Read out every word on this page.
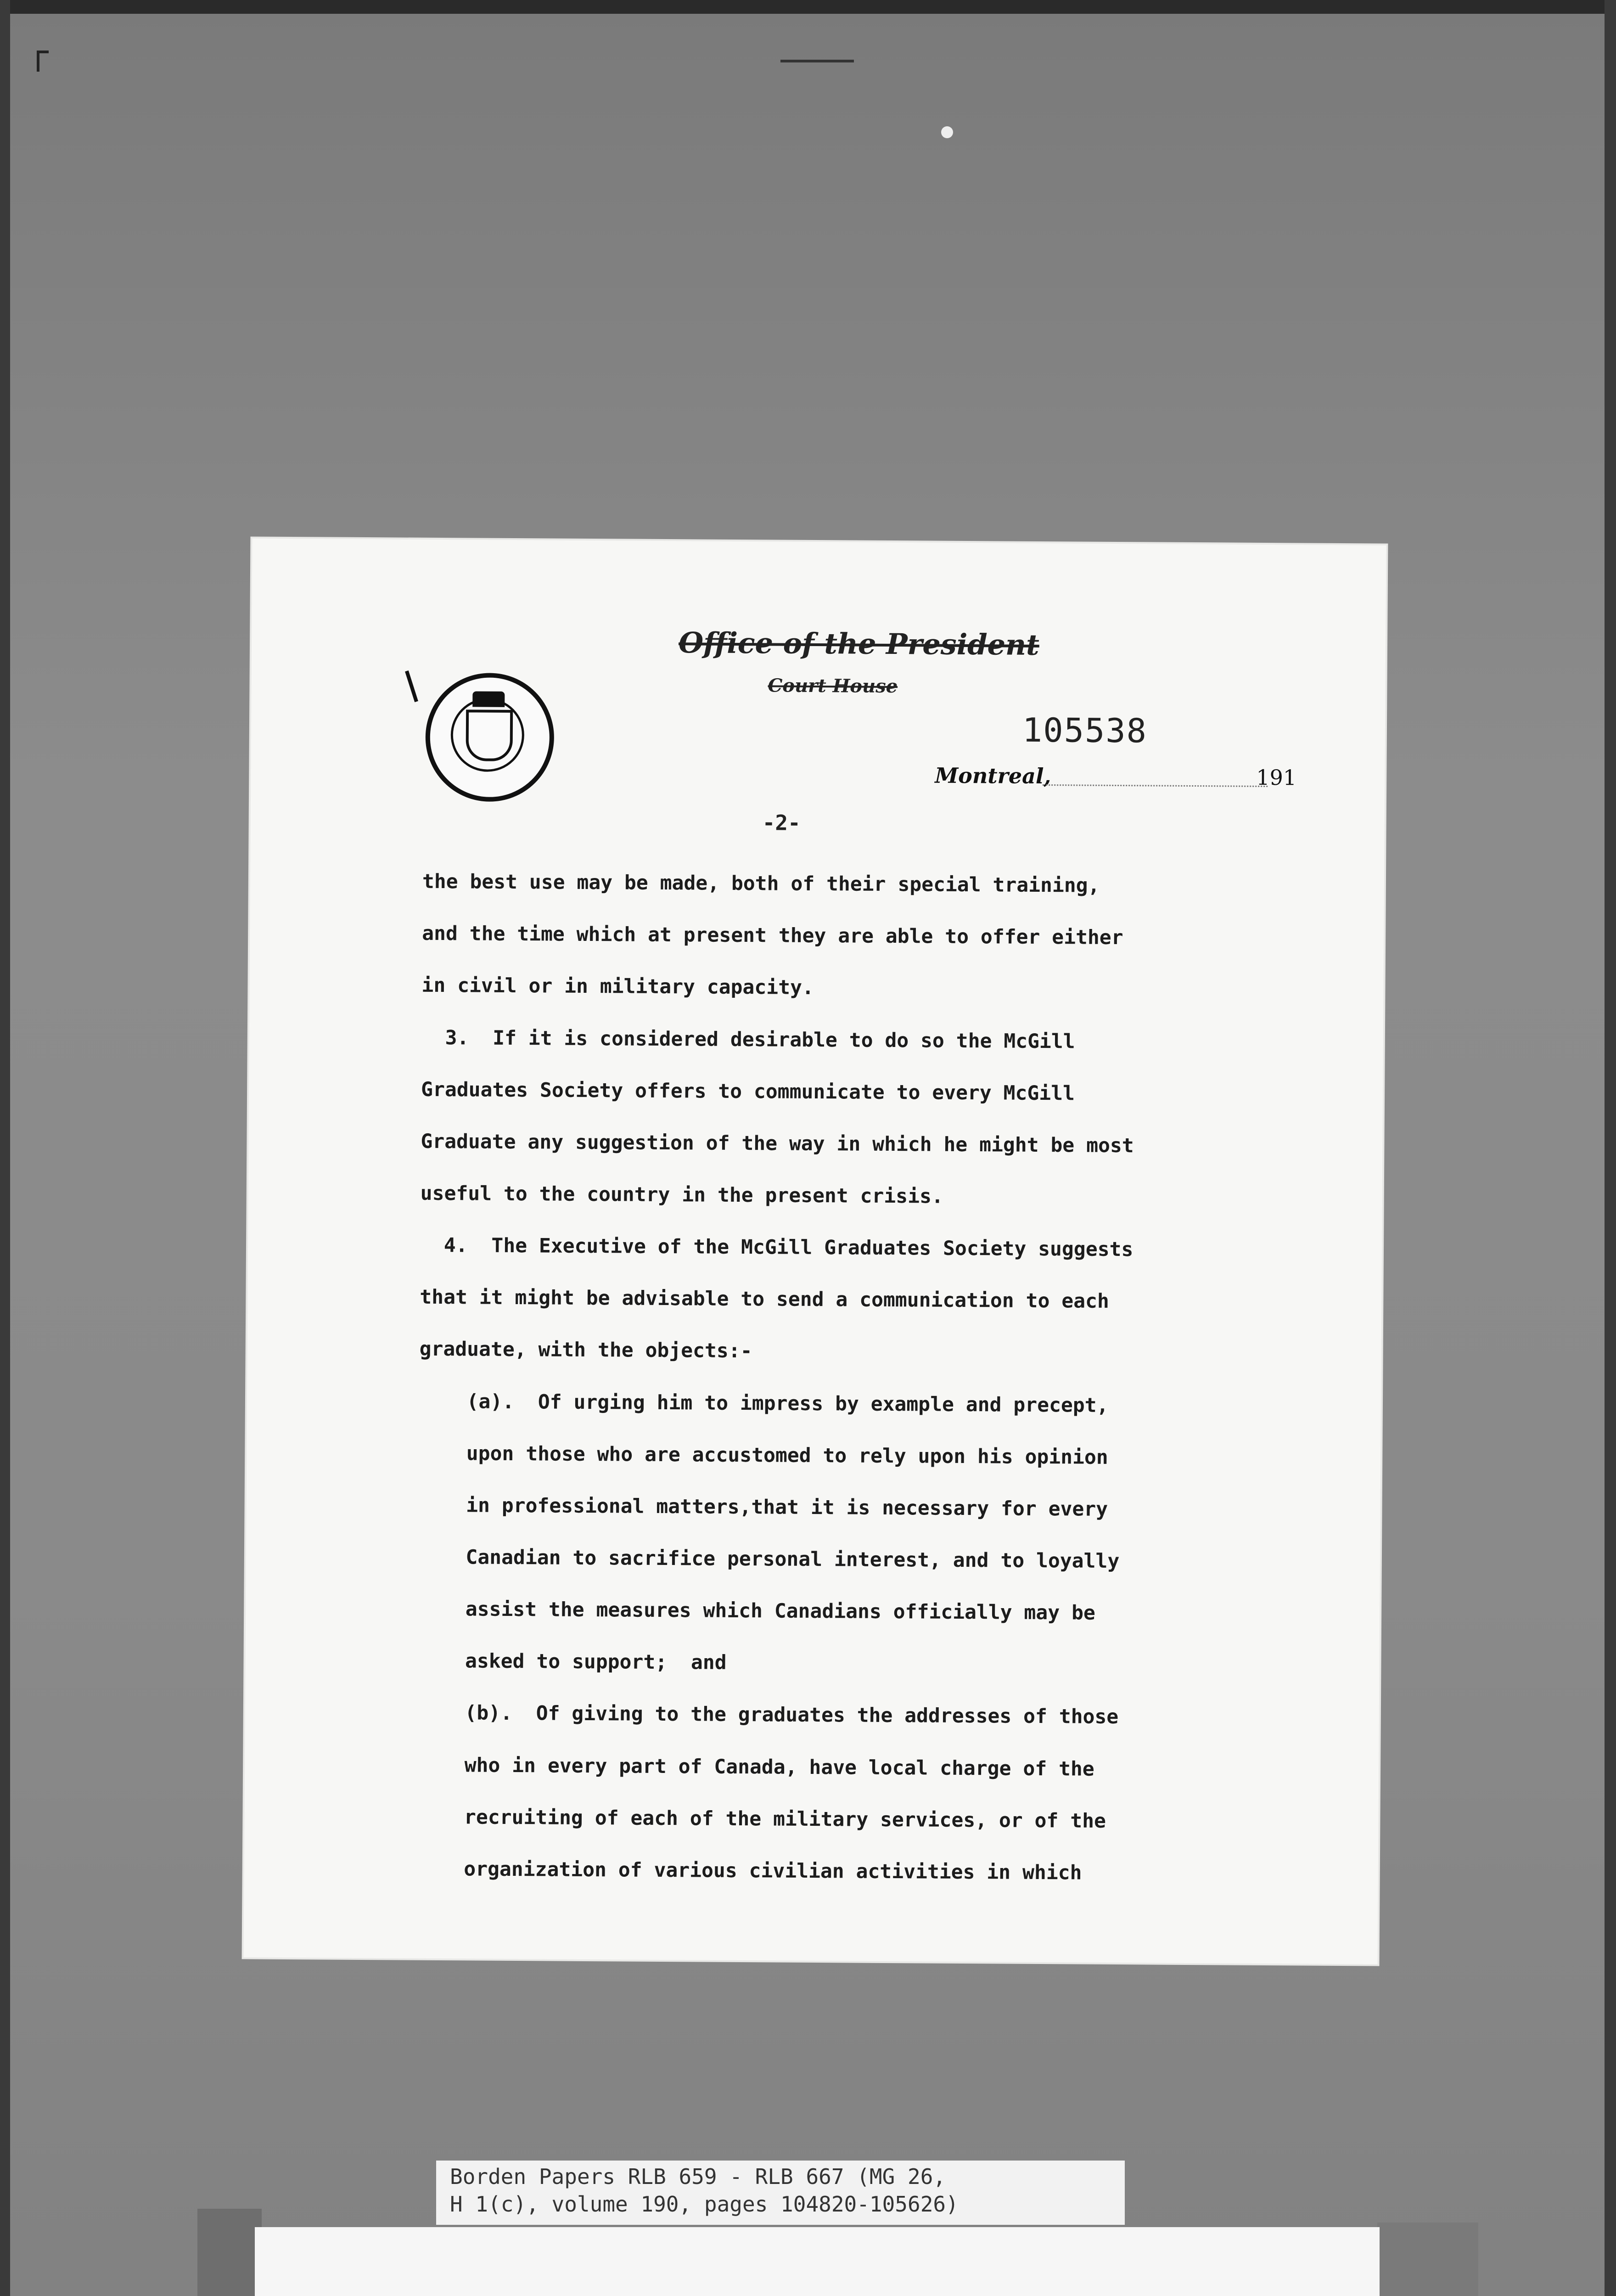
Office of the President
Court House
105538
Montreal,	191
-2-
the best use may be made, both of their special training,
and the time which at present they are able to offer either
in civil or in military capacity.
3.  If it is considered desirable to do so the McGill
Graduates Society offers to communicate to every McGill
Graduate any suggestion of the way in which he might be most
useful to the country in the present crisis.
4.  The Executive of the McGill Graduates Society suggests
that it might be advisable to send a communication to each
graduate, with the objects:-
(a).  Of urging him to impress by example and precept,
upon those who are accustomed to rely upon his opinion
in professional matters,that it is necessary for every
Canadian to sacrifice personal interest, and to loyally
assist the measures which Canadians officially may be
asked to support;  and
(b).  Of giving to the graduates the addresses of those
who in every part of Canada, have local charge of the
recruiting of each of the military services, or of the
organization of various civilian activities in which
Borden Papers RLB 659 - RLB 667 (MG 26,
H 1(c), volume 190, pages 104820-105626)
